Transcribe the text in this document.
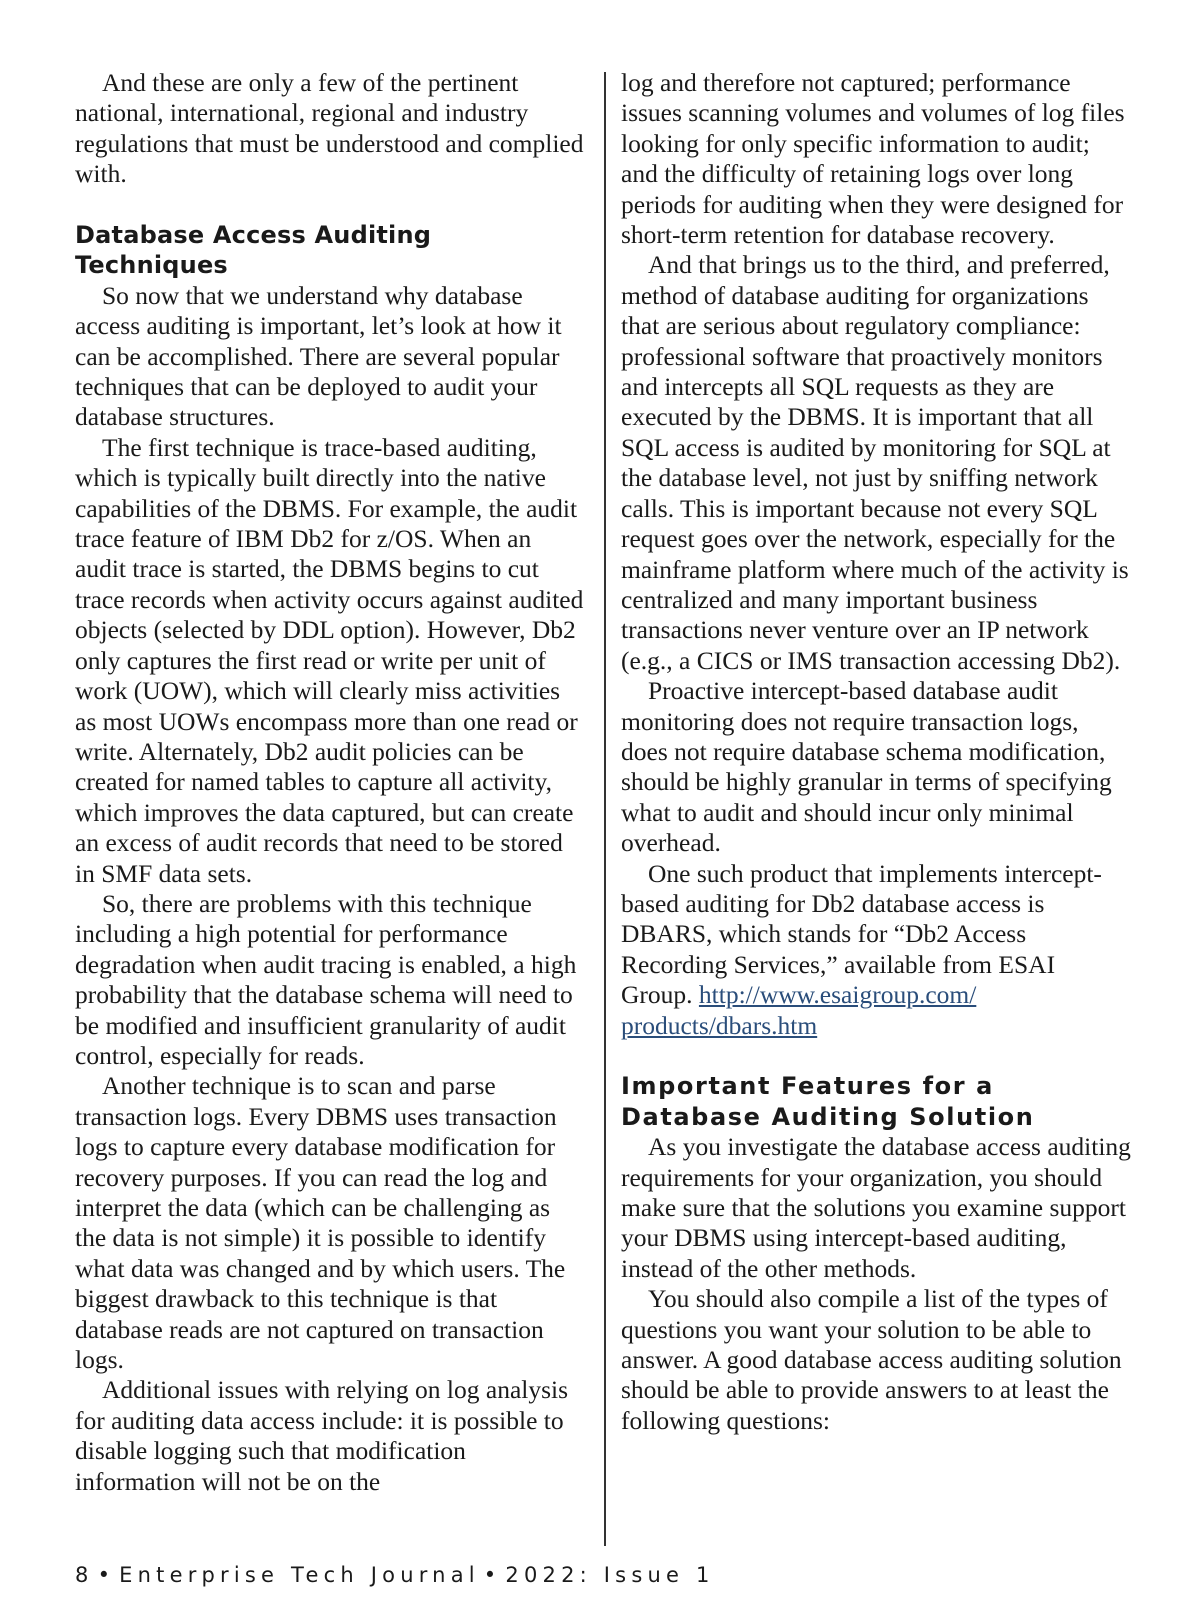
And these are only a few of the pertinent national, international, regional and industry regulations that must be understood and complied with.

Database Access Auditing Techniques

So now that we understand why database access auditing is important, let’s look at how it can be accomplished. There are several popular techniques that can be deployed to audit your database structures.

The first technique is trace-based auditing, which is typically built directly into the native capabilities of the DBMS. For example, the audit trace feature of IBM Db2 for z/OS. When an audit trace is started, the DBMS begins to cut trace records when activity occurs against audited objects (selected by DDL option). However, Db2 only captures the first read or write per unit of work (UOW), which will clearly miss activities as most UOWs encompass more than one read or write. Alternately, Db2 audit policies can be created for named tables to capture all activity, which improves the data captured, but can create an excess of audit records that need to be stored in SMF data sets.

So, there are problems with this technique including a high potential for performance degradation when audit tracing is enabled, a high probability that the database schema will need to be modified and insufficient granularity of audit control, especially for reads.

Another technique is to scan and parse transaction logs. Every DBMS uses transaction logs to capture every database modification for recovery purposes. If you can read the log and interpret the data (which can be challenging as the data is not simple) it is possible to identify what data was changed and by which users. The biggest drawback to this technique is that database reads are not captured on transaction logs.

Additional issues with relying on log analysis for auditing data access include: it is possible to disable logging such that modification information will not be on the

log and therefore not captured; performance issues scanning volumes and volumes of log files looking for only specific information to audit; and the difficulty of retaining logs over long periods for auditing when they were designed for short-term retention for database recovery.

And that brings us to the third, and preferred, method of database auditing for organizations that are serious about regulatory compliance: professional software that proactively monitors and intercepts all SQL requests as they are executed by the DBMS. It is important that all SQL access is audited by monitoring for SQL at the database level, not just by sniffing network calls. This is important because not every SQL request goes over the network, especially for the mainframe platform where much of the activity is centralized and many important business transactions never venture over an IP network (e.g., a CICS or IMS transaction accessing Db2).

Proactive intercept-based database audit monitoring does not require transaction logs, does not require database schema modification, should be highly granular in terms of specifying what to audit and should incur only minimal overhead.

One such product that implements intercept-based auditing for Db2 database access is DBARS, which stands for “Db2 Access Recording Services,” available from ESAI Group. http://www.esaigroup.com/ products/dbars.htm

Important Features for a
Database Auditing Solution

As you investigate the database access auditing requirements for your organization, you should make sure that the solutions you examine support your DBMS using intercept-based auditing, instead of the other methods.

You should also compile a list of the types of questions you want your solution to be able to answer. A good database access auditing solution should be able to provide answers to at least the following questions:

8 • Enterprise Tech Journal • 2022: Issue 1
